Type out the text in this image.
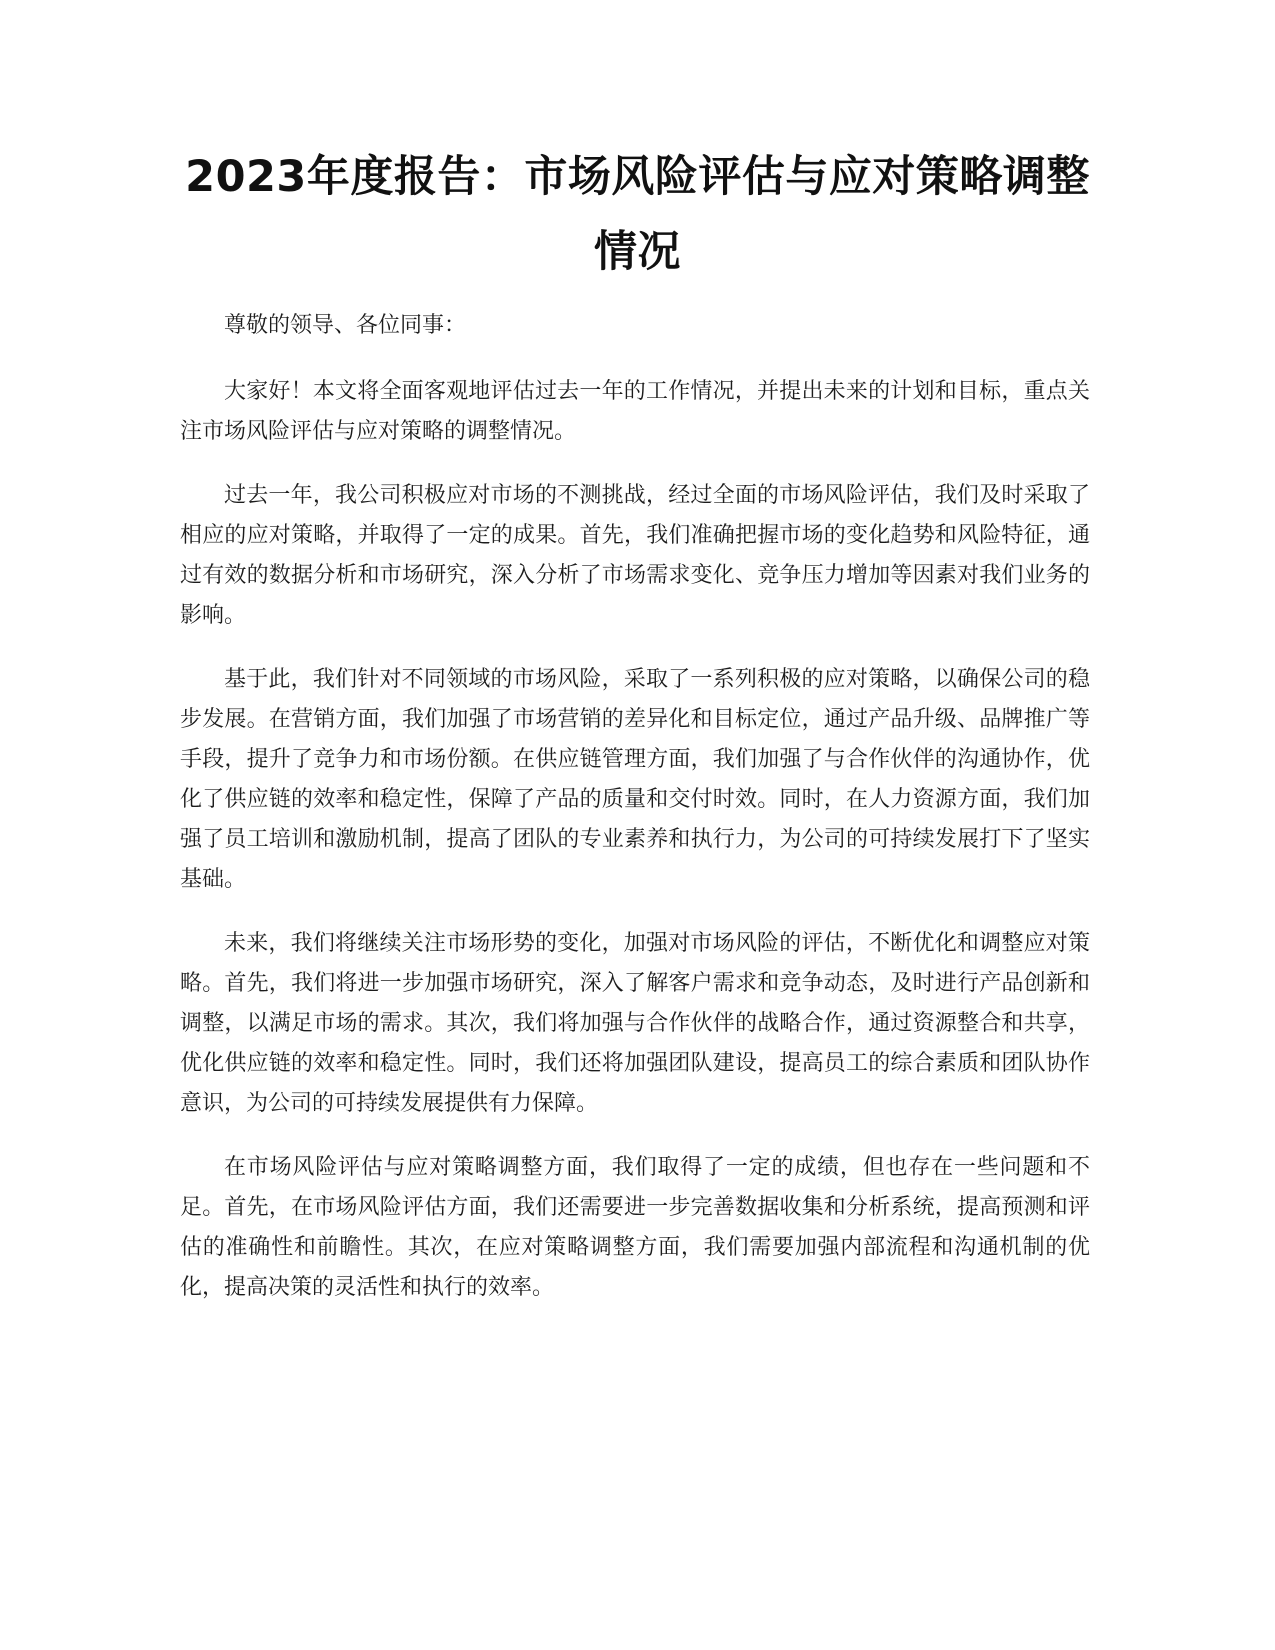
2023年度报告：市场风险评估与应对策略调整情况

尊敬的领导、各位同事：

大家好！本文将全面客观地评估过去一年的工作情况，并提出未来的计划和目标，重点关注市场风险评估与应对策略的调整情况。

过去一年，我公司积极应对市场的不测挑战，经过全面的市场风险评估，我们及时采取了相应的应对策略，并取得了一定的成果。首先，我们准确把握市场的变化趋势和风险特征，通过有效的数据分析和市场研究，深入分析了市场需求变化、竞争压力增加等因素对我们业务的影响。

基于此，我们针对不同领域的市场风险，采取了一系列积极的应对策略，以确保公司的稳步发展。在营销方面，我们加强了市场营销的差异化和目标定位，通过产品升级、品牌推广等手段，提升了竞争力和市场份额。在供应链管理方面，我们加强了与合作伙伴的沟通协作，优化了供应链的效率和稳定性，保障了产品的质量和交付时效。同时，在人力资源方面，我们加强了员工培训和激励机制，提高了团队的专业素养和执行力，为公司的可持续发展打下了坚实基础。

未来，我们将继续关注市场形势的变化，加强对市场风险的评估，不断优化和调整应对策略。首先，我们将进一步加强市场研究，深入了解客户需求和竞争动态，及时进行产品创新和调整，以满足市场的需求。其次，我们将加强与合作伙伴的战略合作，通过资源整合和共享，优化供应链的效率和稳定性。同时，我们还将加强团队建设，提高员工的综合素质和团队协作意识，为公司的可持续发展提供有力保障。

在市场风险评估与应对策略调整方面，我们取得了一定的成绩，但也存在一些问题和不足。首先，在市场风险评估方面，我们还需要进一步完善数据收集和分析系统，提高预测和评估的准确性和前瞻性。其次，在应对策略调整方面，我们需要加强内部流程和沟通机制的优化，提高决策的灵活性和执行的效率。
